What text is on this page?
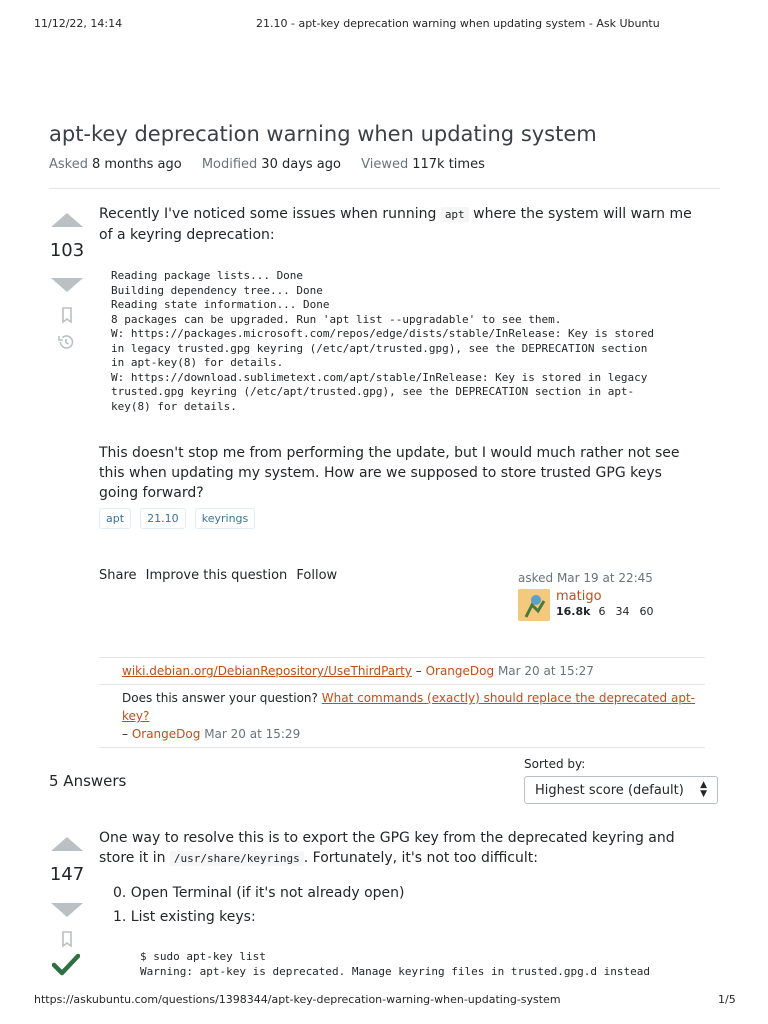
11/12/22, 14:14	21.10 - apt-key deprecation warning when updating system - Ask Ubuntu
apt-key deprecation warning when updating system
Asked 8 months ago Modified 30 days ago Viewed 117k times
103
Recently I've noticed some issues when running apt where the system will warn me of a keyring deprecation:
Reading package lists... Done
Building dependency tree... Done
Reading state information... Done
8 packages can be upgraded. Run 'apt list --upgradable' to see them.
W: https://packages.microsoft.com/repos/edge/dists/stable/InRelease: Key is stored
in legacy trusted.gpg keyring (/etc/apt/trusted.gpg), see the DEPRECATION section
in apt-key(8) for details.
W: https://download.sublimetext.com/apt/stable/InRelease: Key is stored in legacy
trusted.gpg keyring (/etc/apt/trusted.gpg), see the DEPRECATION section in apt-
key(8) for details.
This doesn't stop me from performing the update, but I would much rather not see this when updating my system. How are we supposed to store trusted GPG keys going forward?
apt 21.10 keyrings
Share Improve this question Follow	asked Mar 19 at 22:45
matigo
16.8k 6 34 60
wiki.debian.org/DebianRepository/UseThirdParty – OrangeDog Mar 20 at 15:27
Does this answer your question? What commands (exactly) should replace the deprecated apt-key?
– OrangeDog Mar 20 at 15:29
5 Answers
Sorted by:
Highest score (default) ▲
▼
147
One way to resolve this is to export the GPG key from the deprecated keyring and store it in /usr/share/keyrings . Fortunately, it's not too difficult:
0. Open Terminal (if it's not already open)
1. List existing keys:
$ sudo apt-key list
Warning: apt-key is deprecated. Manage keyring files in trusted.gpg.d instead
https://askubuntu.com/questions/1398344/apt-key-deprecation-warning-when-updating-system	1/5
